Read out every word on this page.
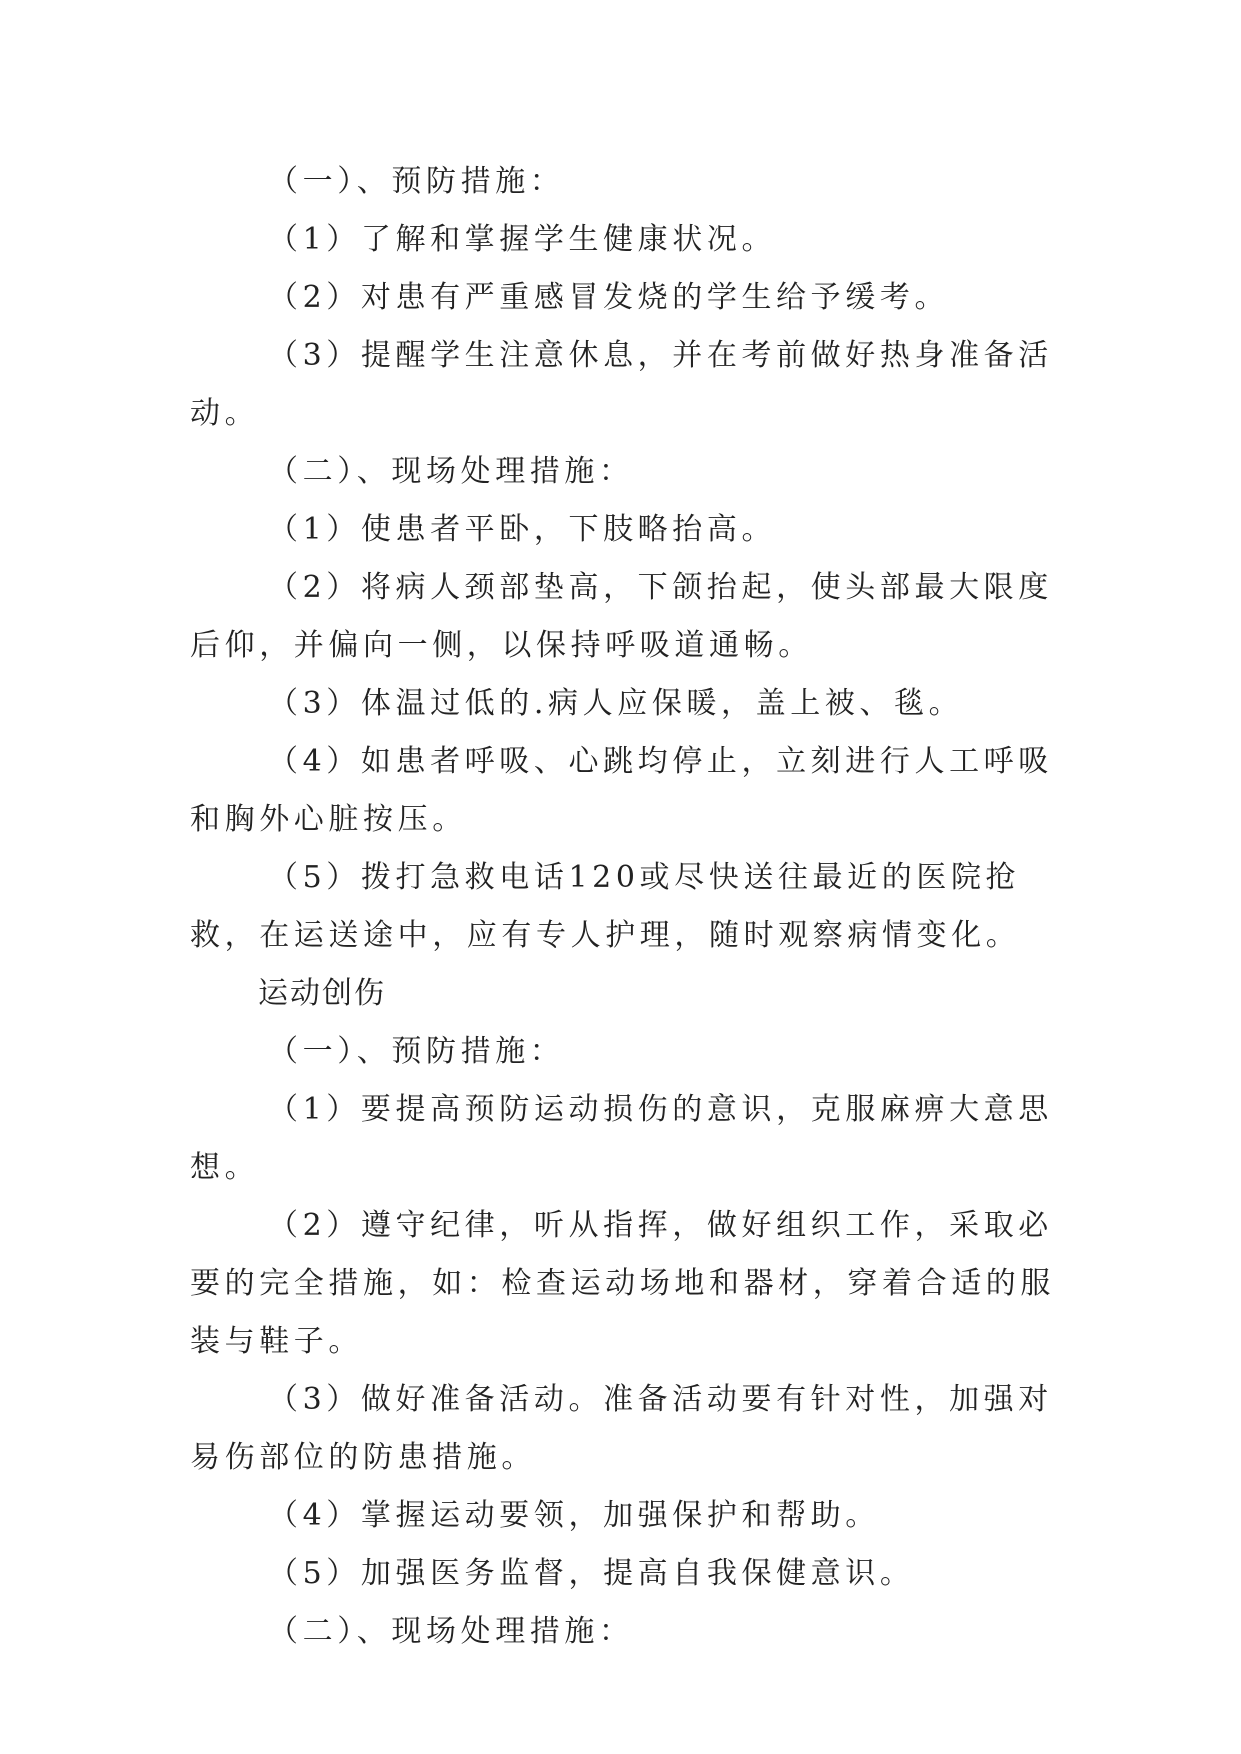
（一）、预防措施：

（1）了解和掌握学生健康状况。

（2）对患有严重感冒发烧的学生给予缓考。

（3）提醒学生注意休息，并在考前做好热身准备活动。

（二）、现场处理措施：

（1）使患者平卧，下肢略抬高。

（2）将病人颈部垫高，下颌抬起，使头部最大限度后仰，并偏向一侧，以保持呼吸道通畅。

（3）体温过低的.病人应保暖，盖上被、毯。

（4）如患者呼吸、心跳均停止，立刻进行人工呼吸和胸外心脏按压。

（5）拨打急救电话120或尽快送往最近的医院抢救，在运送途中，应有专人护理，随时观察病情变化。

运动创伤

（一）、预防措施：

（1）要提高预防运动损伤的意识，克服麻痹大意思想。

（2）遵守纪律，听从指挥，做好组织工作，采取必要的完全措施，如：检查运动场地和器材，穿着合适的服装与鞋子。

（3）做好准备活动。准备活动要有针对性，加强对易伤部位的防患措施。

（4）掌握运动要领，加强保护和帮助。

（5）加强医务监督，提高自我保健意识。

（二）、现场处理措施：
